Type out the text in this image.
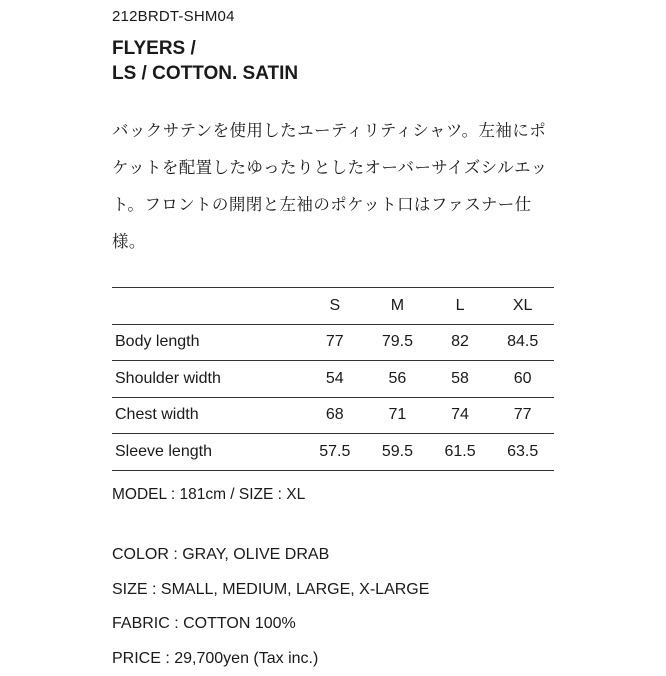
212BRDT-SHM04
FLYERS /
LS / COTTON. SATIN
バックサテンを使用したユーティリティシャツ。左袖にポ
ケットを配置したゆったりとしたオーバーサイズシルエッ
ト。フロントの開閉と左袖のポケット口はファスナー仕
様。
	S	M	L	XL
Body length	77	79.5	82	84.5
Shoulder width	54	56	58	60
Chest width	68	71	74	77
Sleeve length	57.5	59.5	61.5	63.5
MODEL : 181cm / SIZE : XL
COLOR : GRAY, OLIVE DRAB
SIZE : SMALL, MEDIUM, LARGE, X-LARGE
FABRIC : COTTON 100%
PRICE : 29,700yen (Tax inc.)
